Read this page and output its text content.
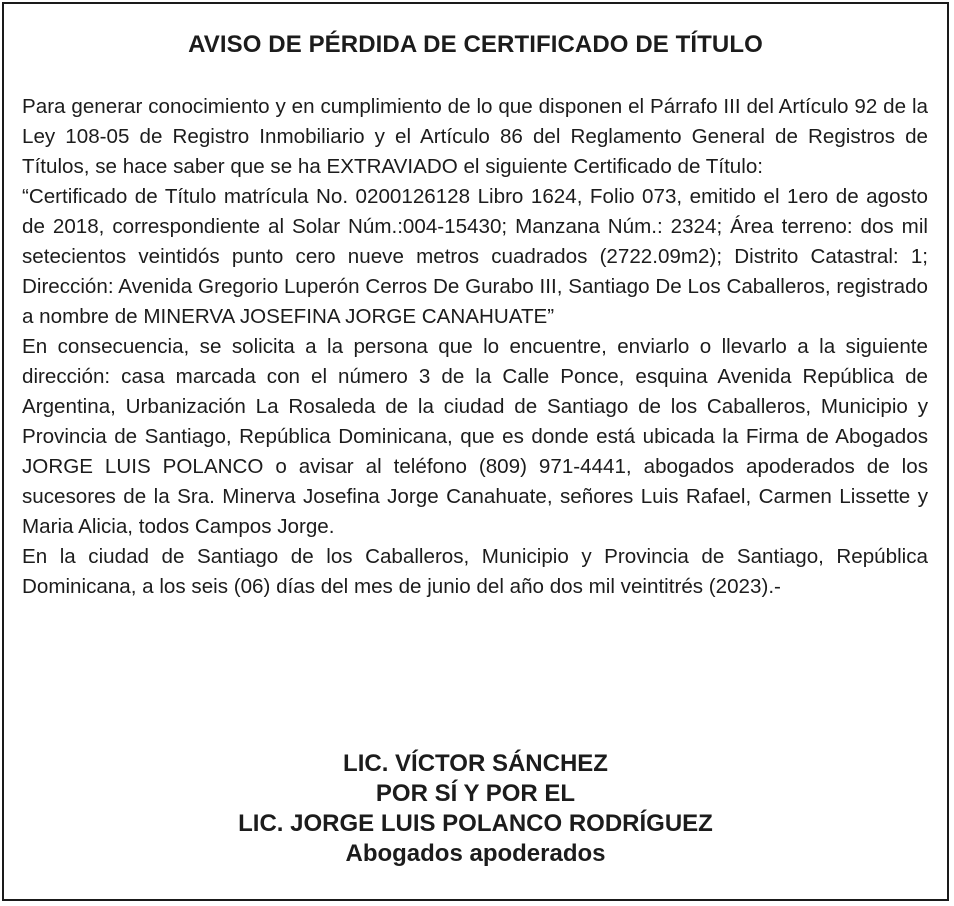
AVISO DE PÉRDIDA DE CERTIFICADO DE TÍTULO

Para generar conocimiento y en cumplimiento de lo que disponen el Párrafo III del Artículo 92 de la Ley 108-05 de Registro Inmobiliario y el Artículo 86 del Reglamento General de Registros de Títulos, se hace saber que se ha EXTRAVIADO el siguiente Certificado de Título:

“Certificado de Título matrícula No. 0200126128 Libro 1624, Folio 073, emitido el 1ero de agosto de 2018, correspondiente al Solar Núm.:004-15430; Manzana Núm.: 2324; Área terreno: dos mil setecientos veintidós punto cero nueve metros cuadrados (2722.09m2); Distrito Catastral: 1; Dirección: Avenida Gregorio Luperón Cerros De Gurabo III, Santiago De Los Caballeros, registrado a nombre de MINERVA JOSEFINA JORGE CANAHUATE”

En consecuencia, se solicita a la persona que lo encuentre, enviarlo o llevarlo a la siguiente dirección: casa marcada con el número 3 de la Calle Ponce, esquina Avenida República de Argentina, Urbanización La Rosaleda de la ciudad de Santiago de los Caballeros, Municipio y Provincia de Santiago, República Dominicana, que es donde está ubicada la Firma de Abogados JORGE LUIS POLANCO o avisar al teléfono (809) 971-4441, abogados apoderados de los sucesores de la Sra. Minerva Josefina Jorge Canahuate, señores Luis Rafael, Carmen Lissette y Maria Alicia, todos Campos Jorge.

En la ciudad de Santiago de los Caballeros, Municipio y Provincia de Santiago, República Dominicana, a los seis (06) días del mes de junio del año dos mil veintitrés (2023).-

LIC. VÍCTOR SÁNCHEZ
POR SÍ Y POR EL
LIC. JORGE LUIS POLANCO RODRÍGUEZ
Abogados apoderados
